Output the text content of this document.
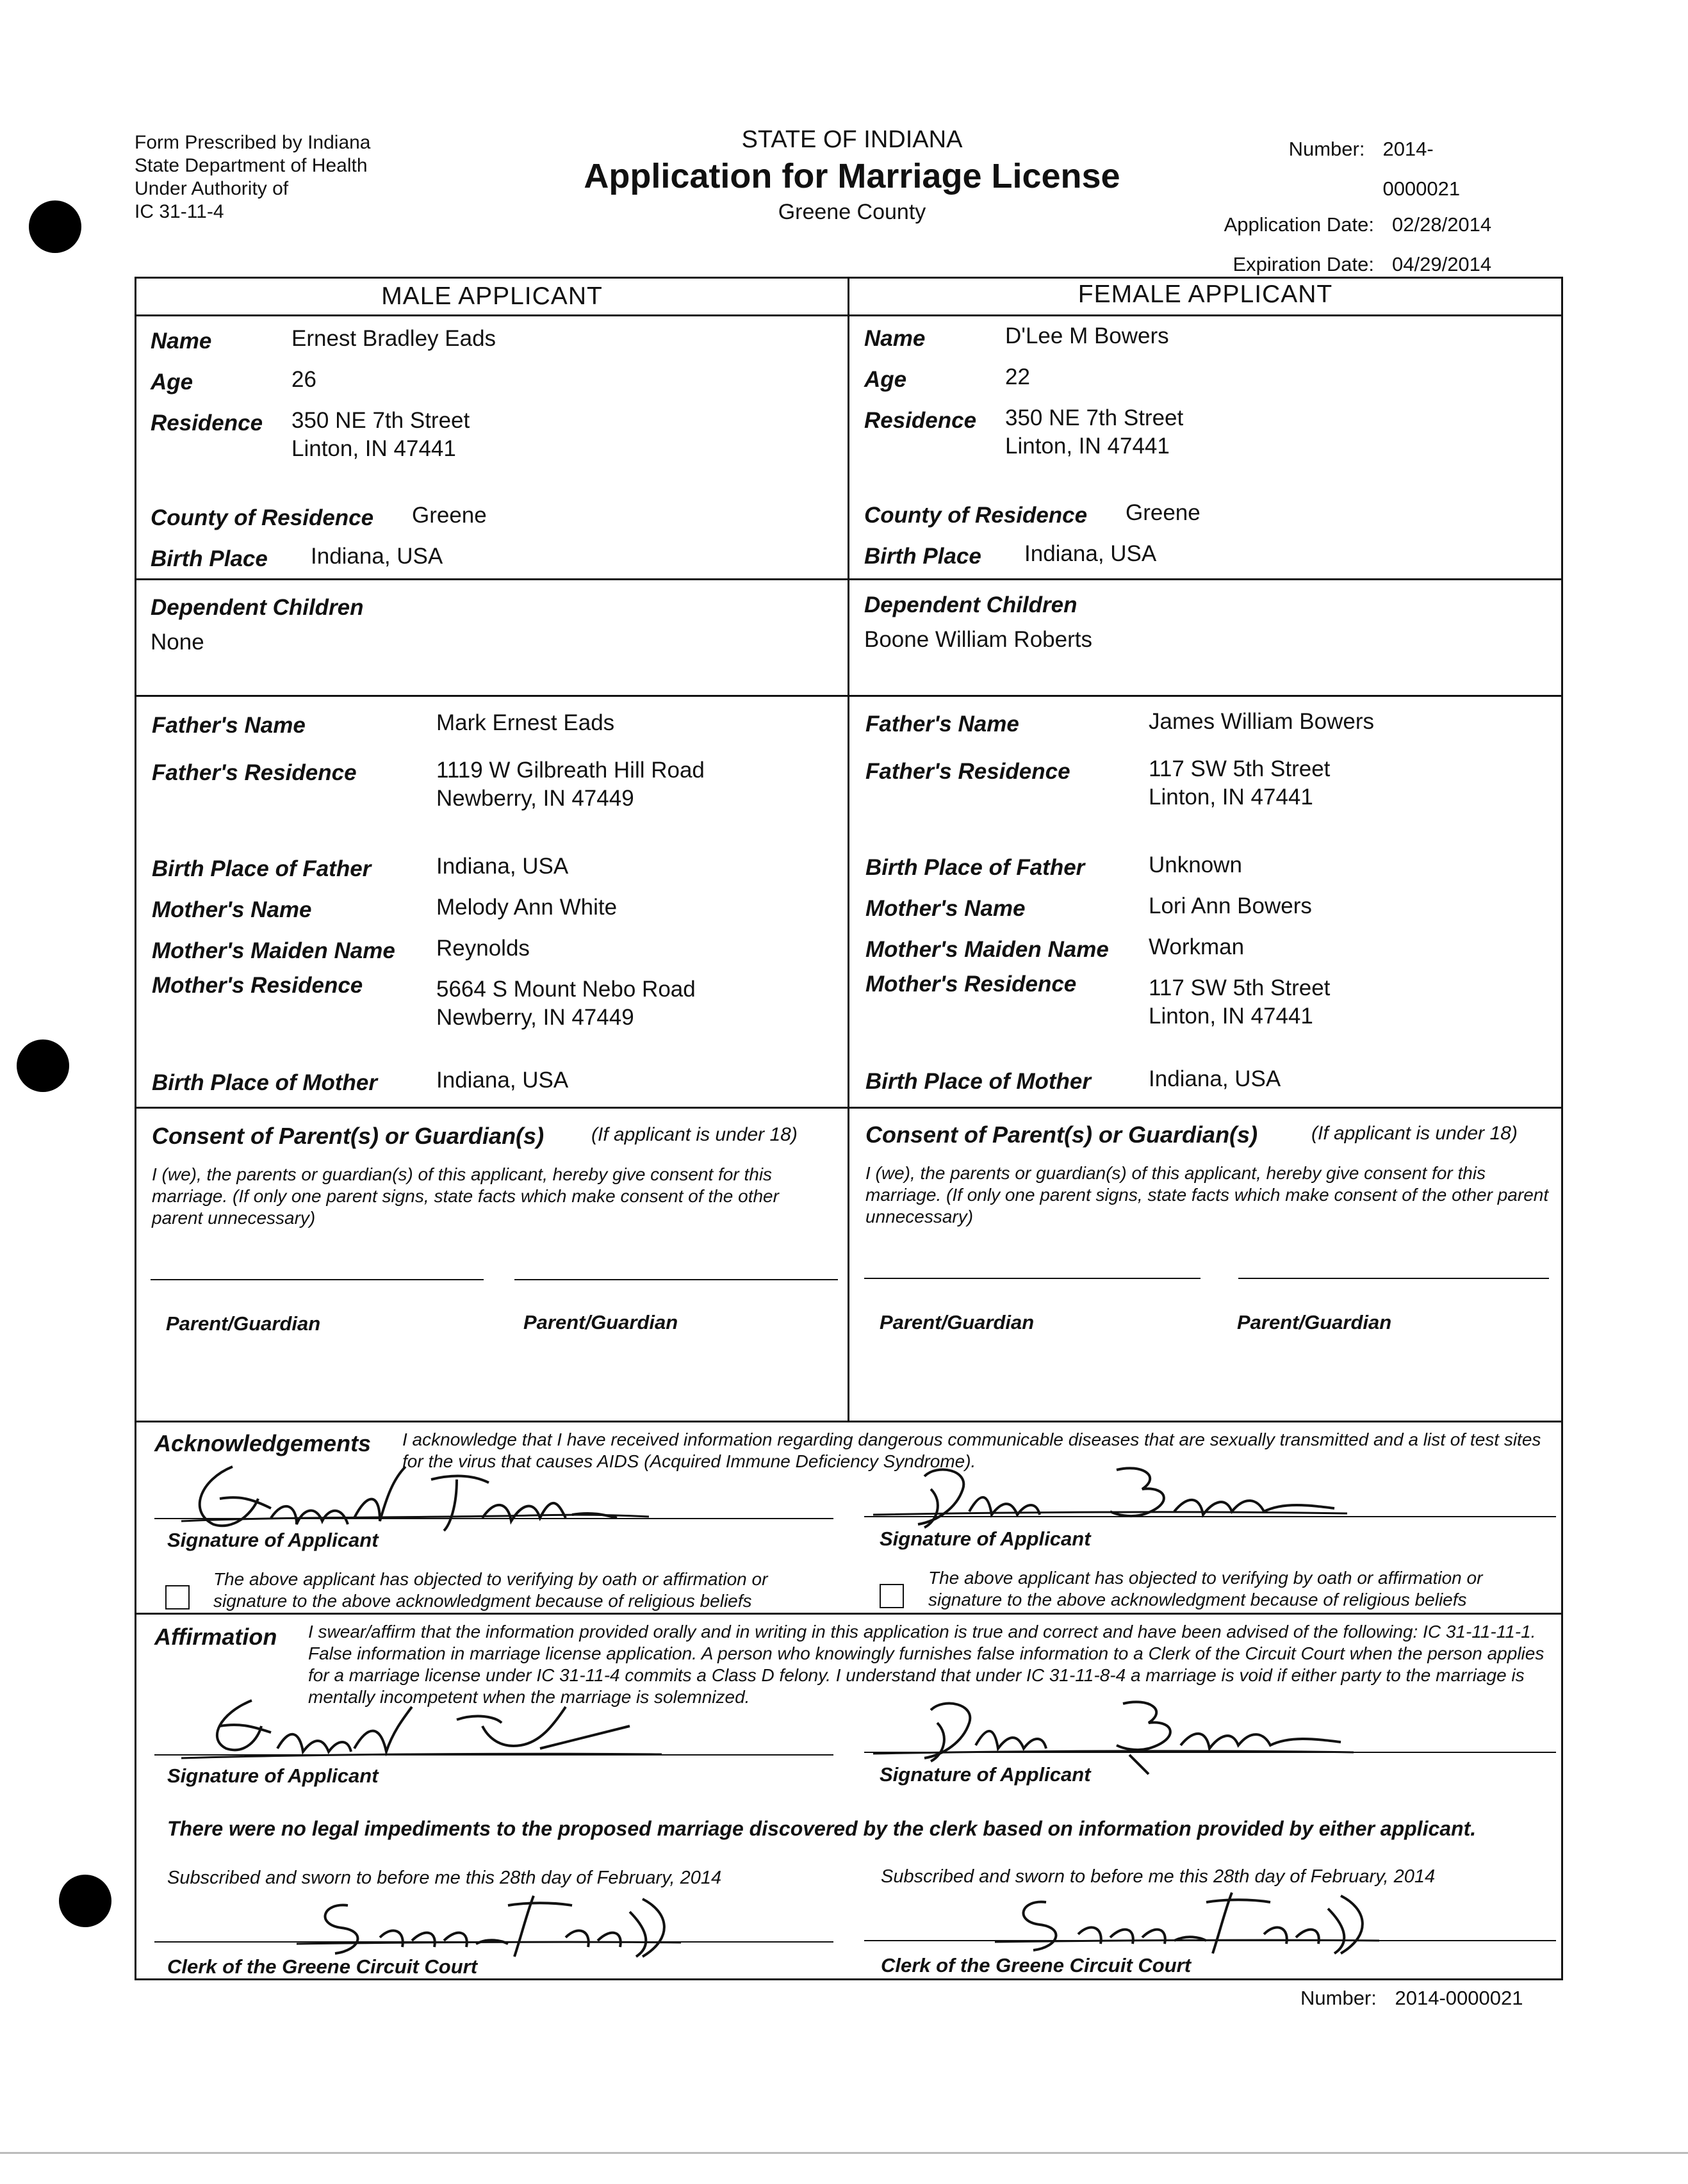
Form Prescribed by Indiana
State Department of Health
Under Authority of
IC 31-11-4
STATE OF INDIANA
Application for Marriage License
Greene County
Number: 2014-0000021
Application Date: 02/28/2014
Expiration Date: 04/29/2014
MALE APPLICANT	FEMALE APPLICANT
Name	Ernest Bradley Eads
Age	26
Residence 350 NE 7th Street
Linton, IN 47441
County of Residence Greene
Birth Place Indiana, USA
Name	D'Lee M Bowers
Age	22
Residence 350 NE 7th Street
Linton, IN 47441
County of Residence Greene
Birth Place Indiana, USA
Dependent Children
None
Dependent Children
Boone William Roberts
Father's Name	Mark Ernest Eads
Father's Residence	1119 W Gilbreath Hill Road
Newberry, IN 47449
Birth Place of Father	Indiana, USA
Mother's Name	Melody Ann White
Mother's Maiden Name Reynolds
Mother's Residence	5664 S Mount Nebo Road
Newberry, IN 47449
Birth Place of Mother	Indiana, USA
Father's Name	James William Bowers
Father's Residence	117 SW 5th Street
Linton, IN 47441
Birth Place of Father	Unknown
Mother's Name	Lori Ann Bowers
Mother's Maiden Name Workman
Mother's Residence	117 SW 5th Street
Linton, IN 47441
Birth Place of Mother	Indiana, USA
Consent of Parent(s) or Guardian(s) (If applicant is under 18)
I (we), the parents or guardian(s) of this applicant, hereby give consent for this marriage. (If only one parent signs, state facts which make consent of the other parent unnecessary)
Parent/Guardian	Parent/Guardian
Consent of Parent(s) or Guardian(s)	(If applicant is under 18)
I (we), the parents or guardian(s) of this applicant, hereby give consent for this marriage. (If only one parent signs, state facts which make consent of the other parent unnecessary)
Parent/Guardian	Parent/Guardian
Acknowledgements I acknowledge that I have received information regarding dangerous communicable diseases that are sexually transmitted and a list of test sites for the virus that causes AIDS (Acquired Immune Deficiency Syndrome).
Signature of Applicant	Signature of Applicant
The above applicant has objected to verifying by oath or affirmation or signature to the above acknowledgment because of religious beliefs
The above applicant has objected to verifying by oath or affirmation or signature to the above acknowledgment because of religious beliefs
Affirmation I swear/affirm that the information provided orally and in writing in this application is true and correct and have been advised of the following: IC 31-11-11-1. False information in marriage license application. A person who knowingly furnishes false information to a Clerk of the Circuit Court when the person applies for a marriage license under IC 31-11-4 commits a Class D felony. I understand that under IC 31-11-8-4 a marriage is void if either party to the marriage is mentally incompetent when the marriage is solemnized.
Signature of Applicant	Signature of Applicant
There were no legal impediments to the proposed marriage discovered by the clerk based on information provided by either applicant.
Subscribed and sworn to before me this 28th day of February, 2014	Subscribed and sworn to before me this 28th day of February, 2014
Clerk of the Greene Circuit Court	Clerk of the Greene Circuit Court
Number: 2014-0000021
